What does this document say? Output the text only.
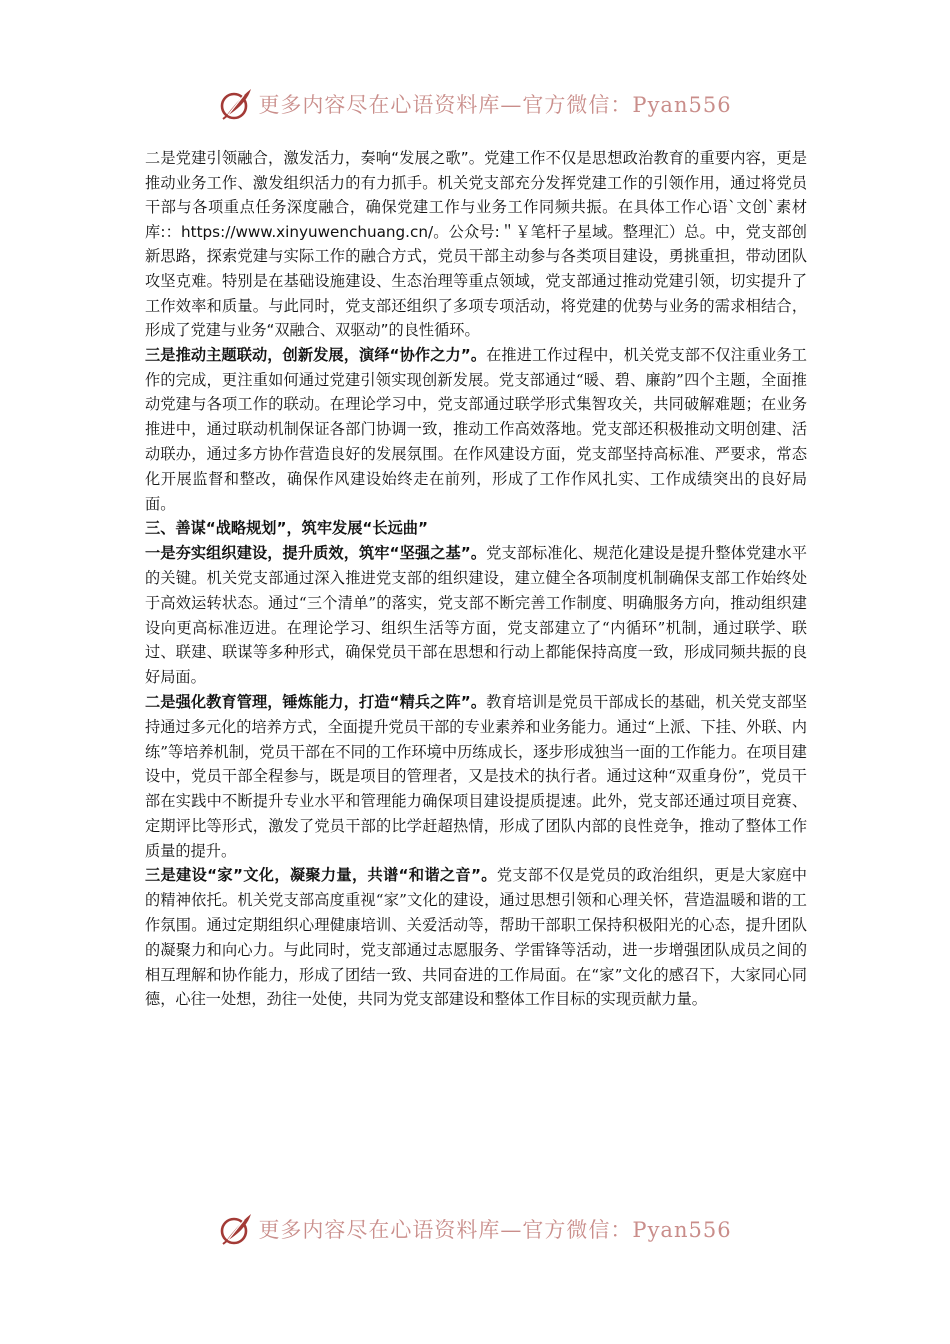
更多内容尽在心语资料库—官方微信：Pyan556

二是党建引领融合，激发活力，奏响“发展之歌”。党建工作不仅是思想政治教育的重要内容，更是推动业务工作、激发组织活力的有力抓手。机关党支部充分发挥党建工作的引领作用，通过将党员干部与各项重点任务深度融合，确保党建工作与业务工作同频共振。在具体工作心语`文创`素材库:：https://www.xinyuwenchuang.cn/。公众号:＂￥笔杆子星域。整理汇）总。中，党支部创新思路，探索党建与实际工作的融合方式，党员干部主动参与各类项目建设，勇挑重担，带动团队攻坚克难。特别是在基础设施建设、生态治理等重点领域，党支部通过推动党建引领，切实提升了工作效率和质量。与此同时，党支部还组织了多项专项活动，将党建的优势与业务的需求相结合，形成了党建与业务“双融合、双驱动”的良性循环。

三是推动主题联动，创新发展，演绎“协作之力”。在推进工作过程中，机关党支部不仅注重业务工作的完成，更注重如何通过党建引领实现创新发展。党支部通过“暖、碧、廉韵”四个主题，全面推动党建与各项工作的联动。在理论学习中，党支部通过联学形式集智攻关，共同破解难题；在业务推进中，通过联动机制保证各部门协调一致，推动工作高效落地。党支部还积极推动文明创建、活动联办，通过多方协作营造良好的发展氛围。在作风建设方面，党支部坚持高标准、严要求，常态化开展监督和整改，确保作风建设始终走在前列，形成了工作作风扎实、工作成绩突出的良好局面。

三、善谋“战略规划”，筑牢发展“长远曲”

一是夯实组织建设，提升质效，筑牢“坚强之基”。党支部标准化、规范化建设是提升整体党建水平的关键。机关党支部通过深入推进党支部的组织建设，建立健全各项制度机制确保支部工作始终处于高效运转状态。通过“三个清单”的落实，党支部不断完善工作制度、明确服务方向，推动组织建设向更高标准迈进。在理论学习、组织生活等方面，党支部建立了“内循环”机制，通过联学、联过、联建、联谋等多种形式，确保党员干部在思想和行动上都能保持高度一致，形成同频共振的良好局面。

二是强化教育管理，锤炼能力，打造“精兵之阵”。教育培训是党员干部成长的基础，机关党支部坚持通过多元化的培养方式，全面提升党员干部的专业素养和业务能力。通过“上派、下挂、外联、内练”等培养机制，党员干部在不同的工作环境中历练成长，逐步形成独当一面的工作能力。在项目建设中，党员干部全程参与，既是项目的管理者，又是技术的执行者。通过这种“双重身份”，党员干部在实践中不断提升专业水平和管理能力确保项目建设提质提速。此外，党支部还通过项目竞赛、定期评比等形式，激发了党员干部的比学赶超热情，形成了团队内部的良性竞争，推动了整体工作质量的提升。

三是建设“家”文化，凝聚力量，共谱“和谐之音”。党支部不仅是党员的政治组织，更是大家庭中的精神依托。机关党支部高度重视“家”文化的建设，通过思想引领和心理关怀，营造温暖和谐的工作氛围。通过定期组织心理健康培训、关爱活动等，帮助干部职工保持积极阳光的心态，提升团队的凝聚力和向心力。与此同时，党支部通过志愿服务、学雷锋等活动，进一步增强团队成员之间的相互理解和协作能力，形成了团结一致、共同奋进的工作局面。在“家”文化的感召下，大家同心同德，心往一处想，劲往一处使，共同为党支部建设和整体工作目标的实现贡献力量。

更多内容尽在心语资料库—官方微信：Pyan556
